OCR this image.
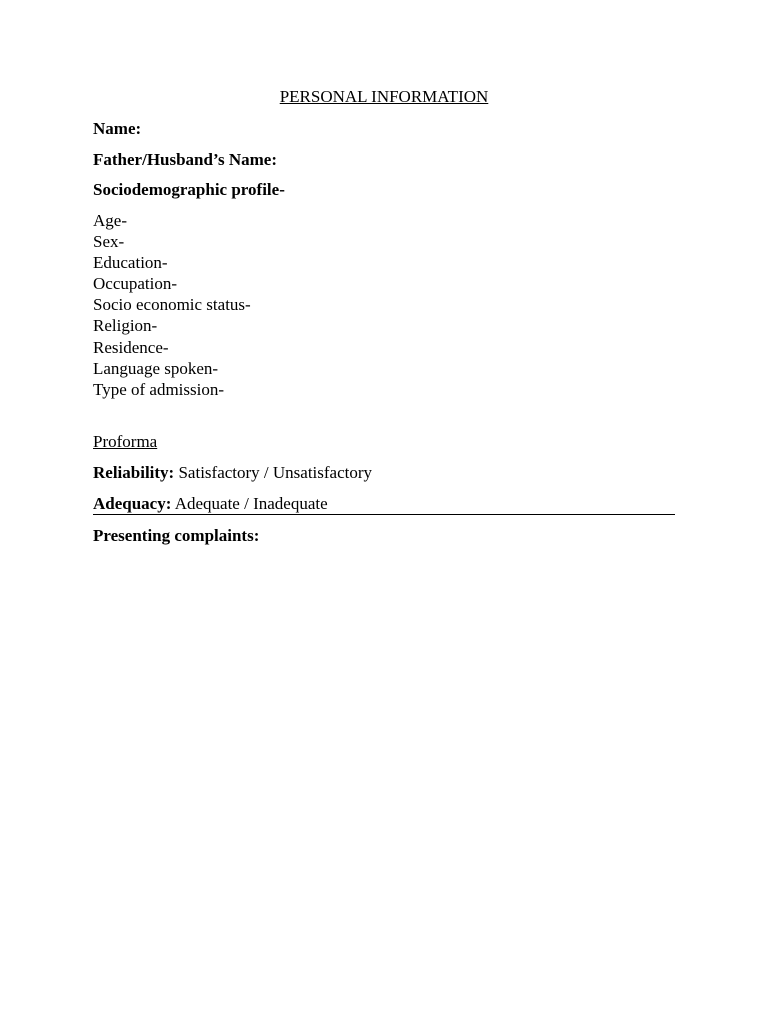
PERSONAL INFORMATION
Name:
Father/Husband’s Name:
Sociodemographic profile-
Age-
Sex-
Education-
Occupation-
Socio economic status-
Religion-
Residence-
Language spoken-
Type of admission-
Proforma
Reliability: Satisfactory / Unsatisfactory
Adequacy: Adequate / Inadequate
Presenting complaints:
